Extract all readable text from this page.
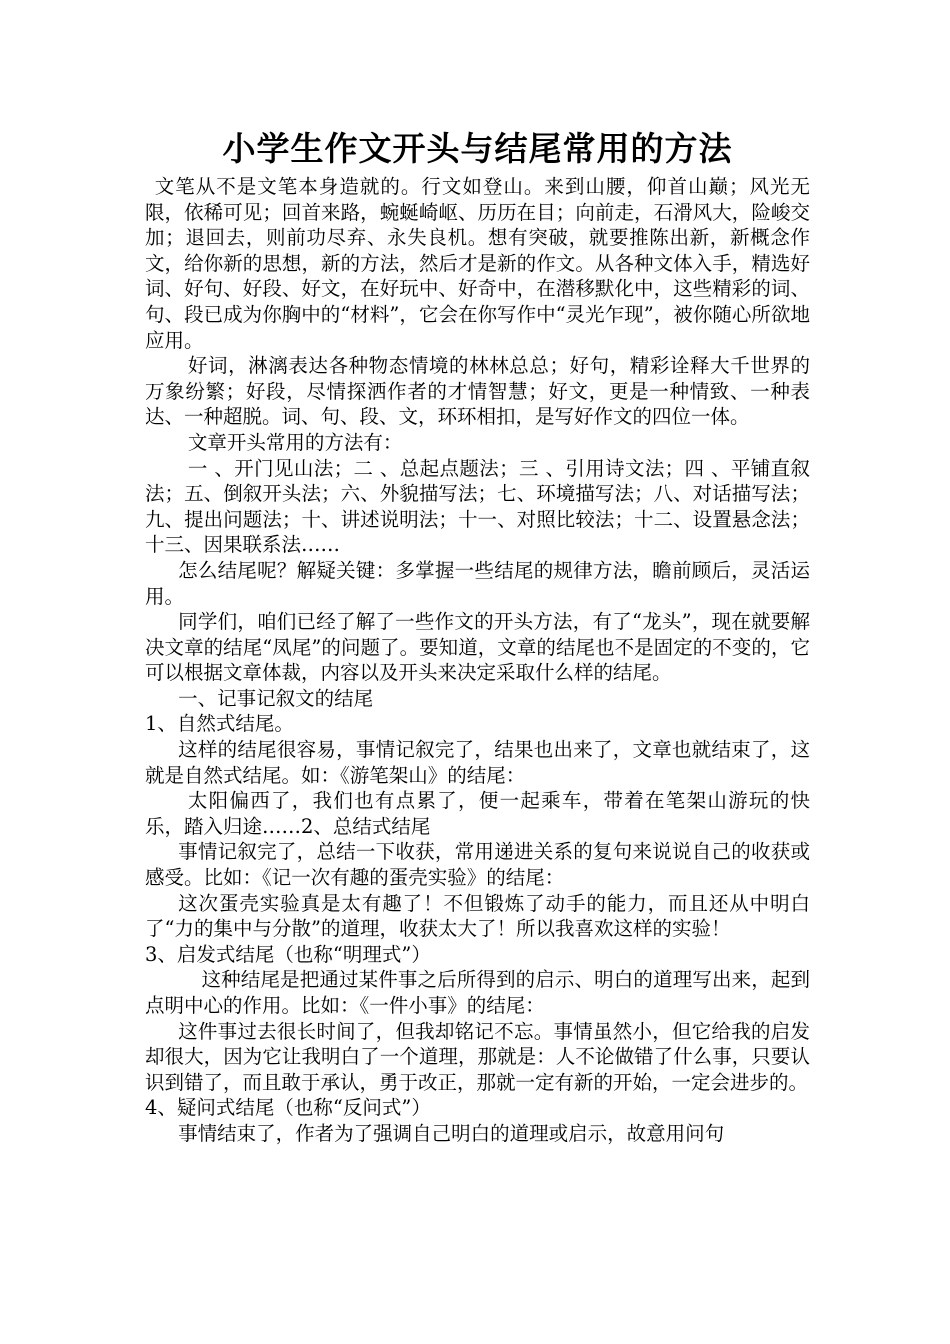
小学生作文开头与结尾常用的方法

文笔从不是文笔本身造就的。行文如登山。来到山腰，仰首山巅；风光无限，依稀可见；回首来路，蜿蜒崎岖、历历在目；向前走，石滑风大，险峻交加；退回去，则前功尽弃、永失良机。想有突破，就要推陈出新，新概念作文，给你新的思想，新的方法，然后才是新的作文。从各种文体入手，精选好词、好句、好段、好文，在好玩中、好奇中，在潜移默化中，这些精彩的词、句、段已成为你胸中的“材料”，它会在你写作中“灵光乍现”，被你随心所欲地应用。

好词，淋漓表达各种物态情境的林林总总；好句，精彩诠释大千世界的万象纷繁；好段，尽情探洒作者的才情智慧；好文，更是一种情致、一种表达、一种超脱。词、句、段、文，环环相扣，是写好作文的四位一体。

文章开头常用的方法有：

一 、开门见山法；二 、总起点题法；三 、引用诗文法；四 、平铺直叙法；五、倒叙开头法；六、外貌描写法；七、环境描写法；八、对话描写法；九、提出问题法；十、讲述说明法；十一、对照比较法；十二、设置悬念法； 十三、因果联系法……

怎么结尾呢？解疑关键：多掌握一些结尾的规律方法，瞻前顾后，灵活运用。

同学们，咱们已经了解了一些作文的开头方法，有了“龙头”，现在就要解决文章的结尾“凤尾”的问题了。要知道，文章的结尾也不是固定的不变的，它可以根据文章体裁，内容以及开头来决定采取什么样的结尾。

一、记事记叙文的结尾

1、自然式结尾。

这样的结尾很容易，事情记叙完了，结果也出来了，文章也就结束了，这就是自然式结尾。如：《游笔架山》的结尾：

太阳偏西了，我们也有点累了，便一起乘车，带着在笔架山游玩的快乐，踏入归途……2、总结式结尾

事情记叙完了，总结一下收获，常用递进关系的复句来说说自己的收获或感受。比如：《记一次有趣的蛋壳实验》的结尾：

这次蛋壳实验真是太有趣了！不但锻炼了动手的能力，而且还从中明白了“力的集中与分散”的道理，收获太大了！所以我喜欢这样的实验！

3、启发式结尾（也称“明理式”）

这种结尾是把通过某件事之后所得到的启示、明白的道理写出来，起到点明中心的作用。比如：《一件小事》的结尾：

这件事过去很长时间了，但我却铭记不忘。事情虽然小，但它给我的启发却很大，因为它让我明白了一个道理，那就是：人不论做错了什么事，只要认识到错了，而且敢于承认，勇于改正，那就一定有新的开始，一定会进步的。

4、疑问式结尾（也称“反问式”）

事情结束了，作者为了强调自己明白的道理或启示，故意用问句
